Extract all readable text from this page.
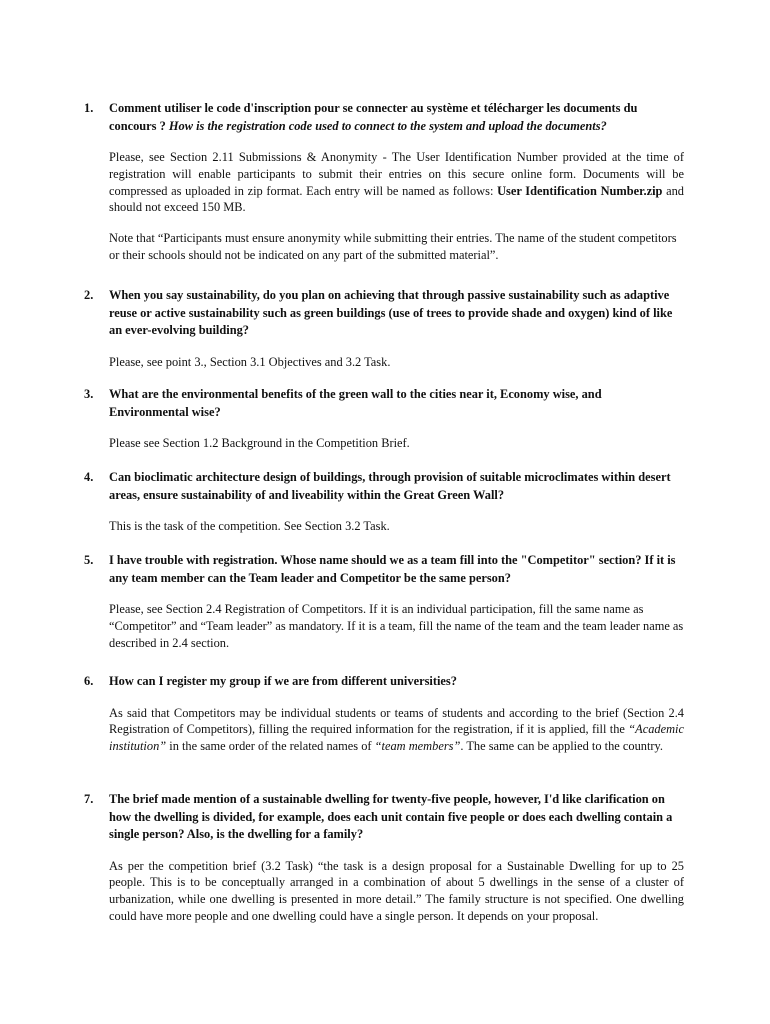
1. Comment utiliser le code d'inscription pour se connecter au système et télécharger les documents du concours ? How is the registration code used to connect to the system and upload the documents?
Please, see Section 2.11 Submissions & Anonymity - The User Identification Number provided at the time of registration will enable participants to submit their entries on this secure online form. Documents will be compressed as uploaded in zip format. Each entry will be named as follows: User Identification Number.zip and should not exceed 150 MB.
Note that “Participants must ensure anonymity while submitting their entries. The name of the student competitors or their schools should not be indicated on any part of the submitted material”.
2. When you say sustainability, do you plan on achieving that through passive sustainability such as adaptive reuse or active sustainability such as green buildings (use of trees to provide shade and oxygen) kind of like an ever-evolving building?
Please, see point 3., Section 3.1 Objectives and 3.2 Task.
3. What are the environmental benefits of the green wall to the cities near it, Economy wise, and Environmental wise?
Please see Section 1.2 Background in the Competition Brief.
4. Can bioclimatic architecture design of buildings, through provision of suitable microclimates within desert areas, ensure sustainability of and liveability within the Great Green Wall?
This is the task of the competition. See Section 3.2 Task.
5. I have trouble with registration. Whose name should we as a team fill into the "Competitor" section? If it is any team member can the Team leader and Competitor be the same person?
Please, see Section 2.4 Registration of Competitors. If it is an individual participation, fill the same name as “Competitor” and “Team leader” as mandatory. If it is a team, fill the name of the team and the team leader name as described in 2.4 section.
6. How can I register my group if we are from different universities?
As said that Competitors may be individual students or teams of students and according to the brief (Section 2.4 Registration of Competitors), filling the required information for the registration, if it is applied, fill the “Academic institution” in the same order of the related names of “team members”. The same can be applied to the country.
7. The brief made mention of a sustainable dwelling for twenty-five people, however, I'd like clarification on how the dwelling is divided, for example, does each unit contain five people or does each dwelling contain a single person? Also, is the dwelling for a family?
As per the competition brief (3.2 Task) “the task is a design proposal for a Sustainable Dwelling for up to 25 people. This is to be conceptually arranged in a combination of about 5 dwellings in the sense of a cluster of urbanization, while one dwelling is presented in more detail.” The family structure is not specified. One dwelling could have more people and one dwelling could have a single person. It depends on your proposal.
